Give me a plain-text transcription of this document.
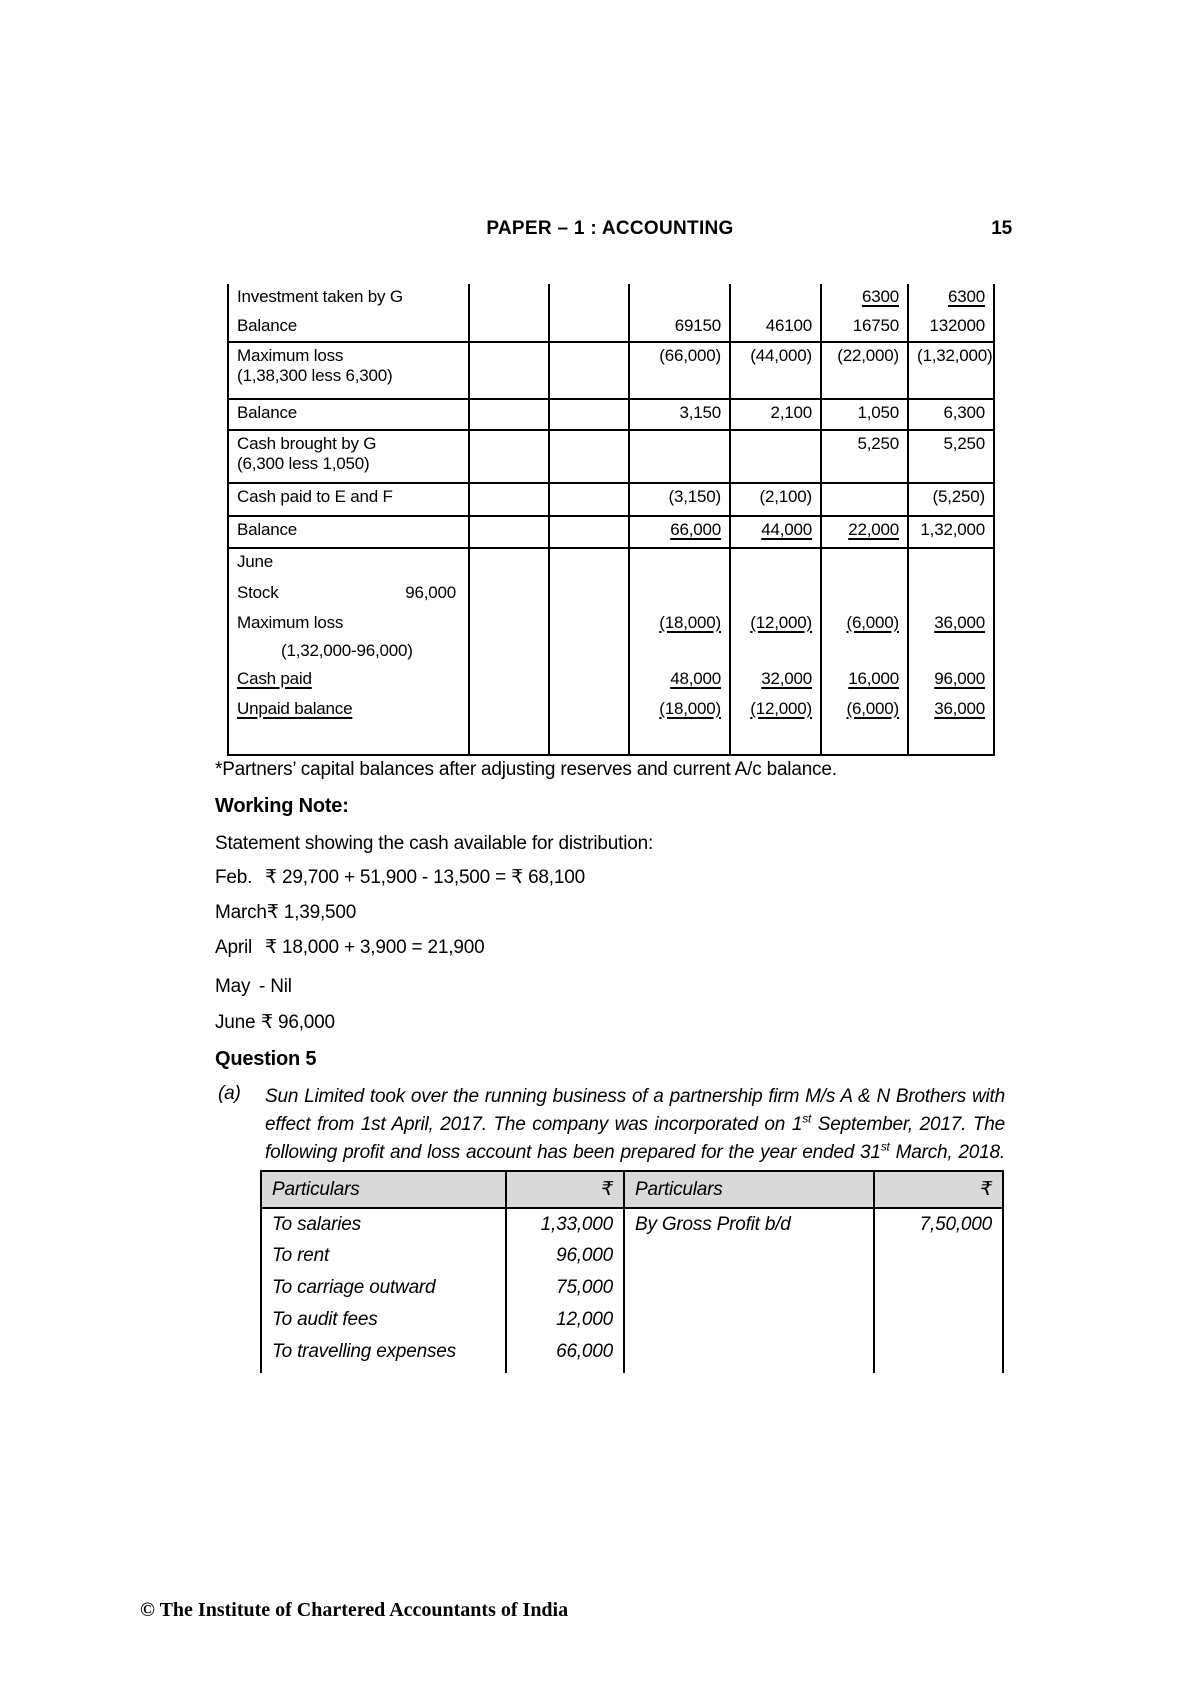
PAPER – 1 : ACCOUNTING	15
Investment taken by G					6300	6300
Balance			69150	46100	16750	132000

Maximum loss
(1,38,300 less 6,300)			(66,000)	(44,000)	(22,000)	(1,32,000)
Balance			3,150	2,100	1,050	6,300

Cash brought by G
(6,300 less 1,050)					5,250	5,250
Cash paid to E and F			(3,150)	(2,100)		(5,250)
Balance			66,000	44,000	22,000	1,32,000
June						

Stock 96,000						

Maximum loss			(18,000)	(12,000)	(6,000)	36,000

(1,32,000-96,000)						

Cash paid			48,000	32,000	16,000	96,000
Unpaid balance			(18,000)	(12,000)	(6,000)	36,000

*Partners’ capital balances after adjusting reserves and current A/c balance.
Working Note:
Statement showing the cash available for distribution:
Feb. ₹ 29,700 + 51,900 - 13,500 = ₹ 68,100
March₹ 1,39,500
April ₹ 18,000 + 3,900 = 21,900
May - Nil
June ₹ 96,000
Question 5
(a) Sun Limited took over the running business of a partnership firm M/s A & N Brothers with
effect from 1st April, 2017. The company was incorporated on 1st September, 2017. The
following profit and loss account has been prepared for the year ended 31st March, 2018.
Particulars	₹	Particulars	₹
To salaries	1,33,000	By Gross Profit b/d	7,50,000
To rent	96,000		
To carriage outward	75,000		
To audit fees	12,000		
To travelling expenses	66,000		

© The Institute of Chartered Accountants of India
